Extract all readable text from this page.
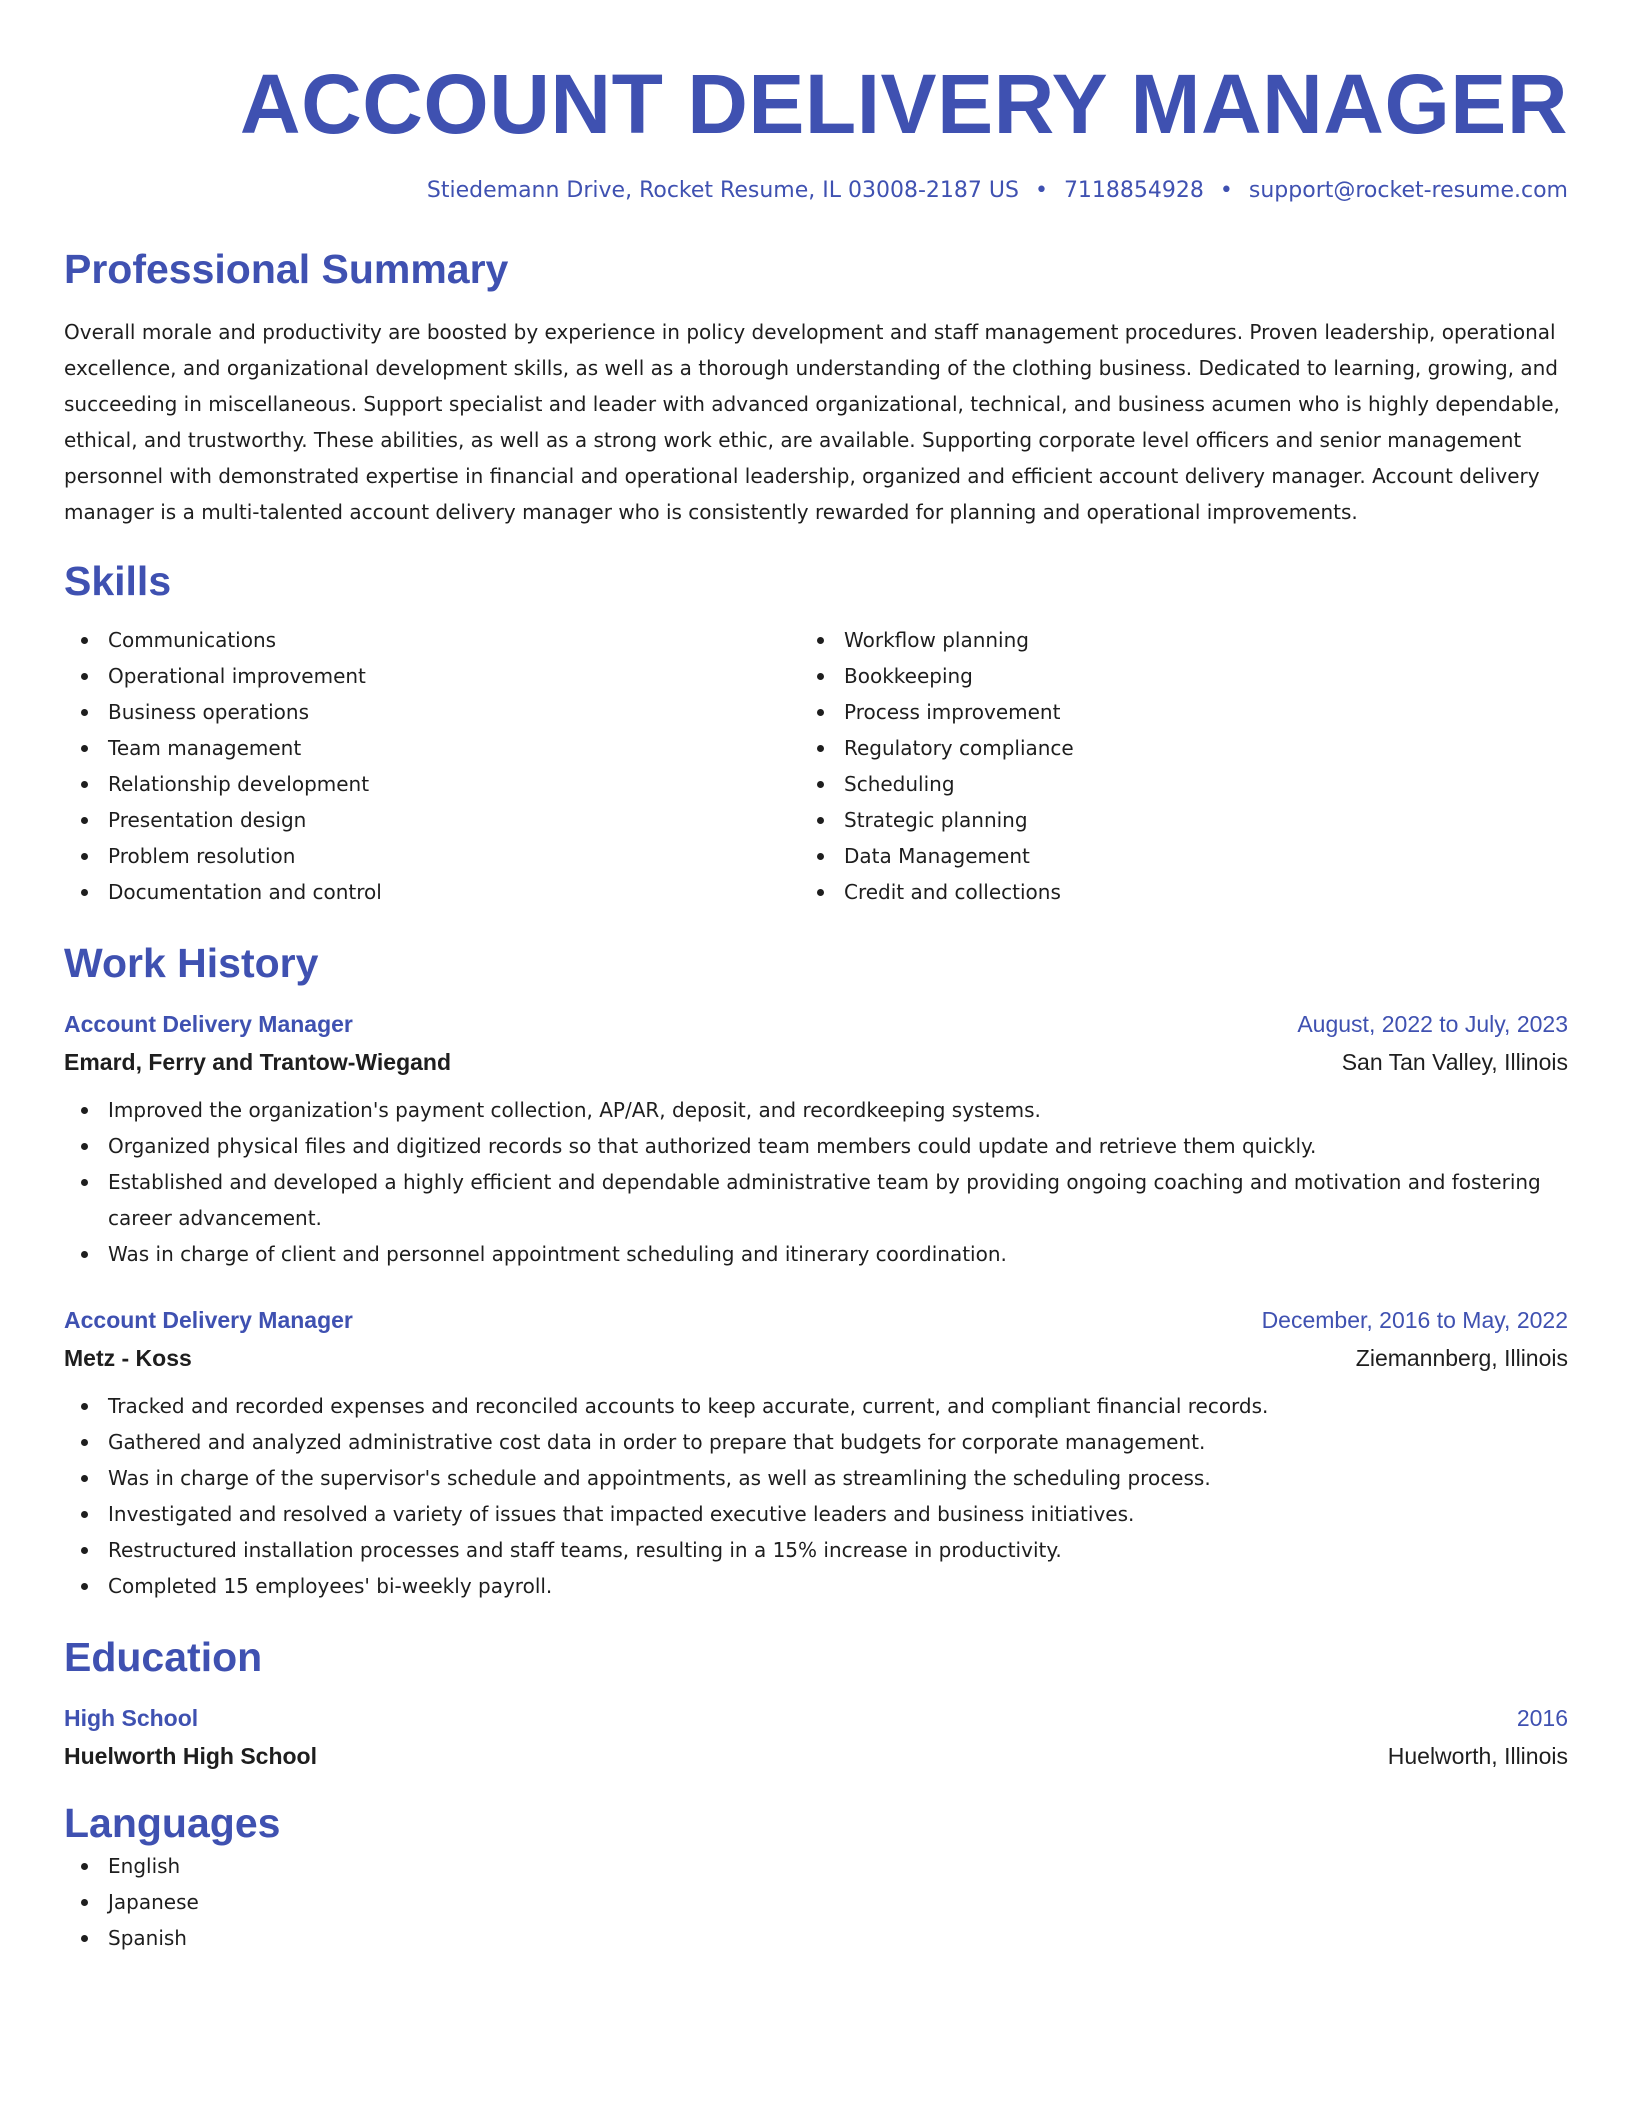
ACCOUNT DELIVERY MANAGER
Stiedemann Drive, Rocket Resume, IL 03008-2187 US • 7118854928 • support@rocket-resume.com
Professional Summary
Overall morale and productivity are boosted by experience in policy development and staff management procedures. Proven leadership, operational excellence, and organizational development skills, as well as a thorough understanding of the clothing business. Dedicated to learning, growing, and succeeding in miscellaneous. Support specialist and leader with advanced organizational, technical, and business acumen who is highly dependable, ethical, and trustworthy. These abilities, as well as a strong work ethic, are available. Supporting corporate level officers and senior management personnel with demonstrated expertise in financial and operational leadership, organized and efficient account delivery manager. Account delivery manager is a multi-talented account delivery manager who is consistently rewarded for planning and operational improvements.
Skills
Communications
Operational improvement
Business operations
Team management
Relationship development
Presentation design
Problem resolution
Documentation and control
Workflow planning
Bookkeeping
Process improvement
Regulatory compliance
Scheduling
Strategic planning
Data Management
Credit and collections
Work History
Account Delivery Manager	August, 2022 to July, 2023
Emard, Ferry and Trantow-Wiegand	San Tan Valley, Illinois
Improved the organization's payment collection, AP/AR, deposit, and recordkeeping systems.
Organized physical files and digitized records so that authorized team members could update and retrieve them quickly.
Established and developed a highly efficient and dependable administrative team by providing ongoing coaching and motivation and fostering career advancement.
Was in charge of client and personnel appointment scheduling and itinerary coordination.
Account Delivery Manager	December, 2016 to May, 2022
Metz - Koss	Ziemannberg, Illinois
Tracked and recorded expenses and reconciled accounts to keep accurate, current, and compliant financial records.
Gathered and analyzed administrative cost data in order to prepare that budgets for corporate management.
Was in charge of the supervisor's schedule and appointments, as well as streamlining the scheduling process.
Investigated and resolved a variety of issues that impacted executive leaders and business initiatives.
Restructured installation processes and staff teams, resulting in a 15% increase in productivity.
Completed 15 employees' bi-weekly payroll.
Education
High School	2016
Huelworth High School	Huelworth, Illinois
Languages
English
Japanese
Spanish
